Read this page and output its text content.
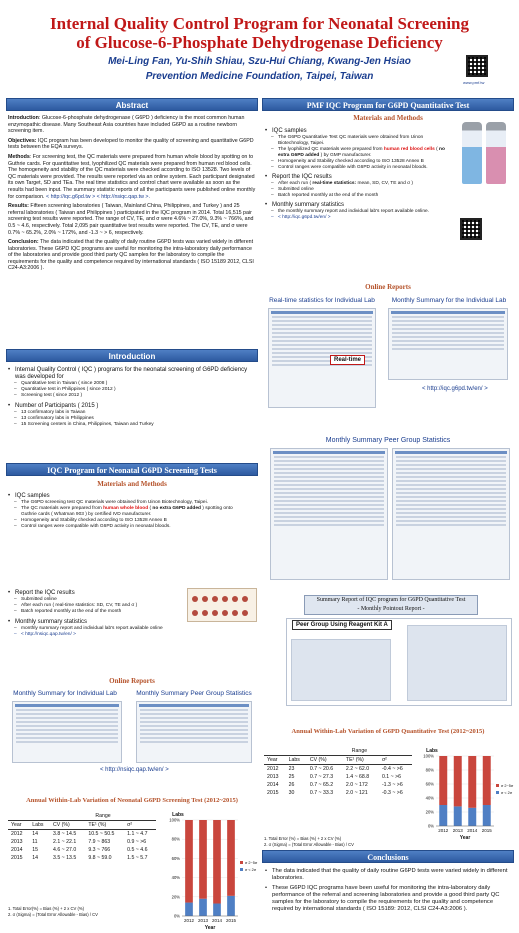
Internal Quality Control Program for Neonatal Screening
of Glucose-6-Phosphate Dehydrogenase Deficiency
Mei-Ling Fan, Yu-Shih Shiau, Szu-Hui Chiang, Kwang-Jen Hsiao
Prevention Medicine Foundation, Taipei, Taiwan
www.pmf.tw
Abstract
Introduction: Glucose-6-phosphate dehydrogenase ( G6PD ) deficiency is the most common human enzymopathic disease. Many Southeast Asia countries have included G6PD as a routine newborn screening item.
Objectives: IQC program has been developed to monitor the quality of screening and quantitative G6PD tests between the EQA surveys.
Methods: For screening test, the QC materials were prepared from human whole blood by spotting on to Guthrie cards. For quantitative test, lyophilized QC materials were prepared from human red blood cells. The homogeneity and stability of the QC materials were checked according to ISO 13528. Two levels of QC materials were provided. The results were reported via an online system. Each participant designated its own Target, SD and TEa. The real time statistics and control chart were available as soon as the results had been input. The summary statistic reports of all the participants were published online monthly for comparison. < http://iqc.g6pd.tw > < http://nsiqc.qap.tw >.
Results: Fifteen screening laboratories ( Taiwan, Mainland China, Philippines, and Turkey ) and 25 referral laboratories ( Taiwan and Philippines ) participated in the IQC program in 2014. Total 16,515 pair screening test results were reported. The range of CV, TE, and σ were 4.6% ~ 27.0%, 9.3% ~ 766%, and 0.5 ~ 4.6, respectively. Total 2,095 pair quantitative test results were reported. The CV, TE, and σ were 0.7% ~ 65.2%, 2.0% ~ 172%, and -1.3 ~ > 6, respectively.
Conclusion: The data indicated that the quality of daily routine G6PD tests was varied widely in different laboratories. These G6PD IQC programs are useful for monitoring the intra-laboratory daily performance of the laboratories and provide good third party QC samples for the laboratory to compile the requirements for the quality and competence required by international standards ( ISO 15189 2012, CLSI C24-A3:2006 ).
Introduction
• Internal Quality Control ( IQC ) programs for the neonatal screening of G6PD deficiency was developed for
– Quantitative test in Taiwan ( since 2008 )
– Quantitative test in Philippines ( since 2012 )
– Screening test ( since 2012 )
• Number of Participants ( 2015 )
– 13 confirmatory labs in Taiwan
– 13 confirmatory labs in Philippines
– 15 Screening centers in China, Philippines, Taiwan and Turkey
IQC Program for Neonatal G6PD Screening Tests
Materials and Methods
• IQC samples
– The G6PD screening test QC materials were obtained from Uinon Biotechnology, Taipei.
– The QC materials were prepared from human whole blood ( no extra G6PD added ) spotting onto Guthrie cards ( Whatman 903 ) by certified IVD manufacturer.
– Homogeneity and Stability checked according to ISO 13528 Annex B
– Control ranges were compatible with G6PD activity in neonatal bloods.
• Report the IQC results
– Submitted online
– After each run ( real-time statistics: SD, CV, TE and σ )
– Batch reported monthly at the end of the month
• Monthly summary statistics
– monthly summary report and individual lab's report available online
– < http://nsiqc.qap.tw/en/ >
Online Reports
Monthly Summary for Individual Lab	Monthly Summary Peer Group Statistics
< http://nsiqc.qap.tw/en/ >
Annual Within-Lab Variation of Neonatal G6PD Screening Test (2012~2015)
		Range		
Year	Labs	CV (%)	TE¹ (%)	σ²
2012	14	3.8 ~ 14.5	10.5 ~ 50.5	1.1 ~ 4.7
2013	11	2.1 ~ 22.1	7.9 ~ 863	0.9 ~ >6
2014	15	4.6 ~ 27.0	9.3 ~ 766	0.5 ~ 4.6
2015	14	3.5 ~ 13.5	9.8 ~ 59.0	1.5 ~ 5.7
1. Total Error(%) = Bias (%) + 2 x CV (%)
2. σ (Sigma) = (Total Error Allowable - Bias) / CV
Labs
0%
20%
40%
60%
80%
100%
2012 2013 2014 2015
Year
σ 2~5σ
σ < 2σ
PMF IQC Program for G6PD Quantitative Test
Materials and Methods
• IQC samples
– The G6PD Quantitative Test QC materials were obtained from Uinon Biotechnology, Taipei.
– The lyophilized QC materials were prepared from human red blood cells ( no extra G6PD added ) by GMP manufacturer.
– Homogeneity and Stability checked according to ISO 13528 Annex B
– Control ranges were compatible with G6PD activity in neonatal bloods.
• Report the IQC results
– After each run ( real-time statistics: mean, SD, CV, TE and σ )
– Submitted online
– Batch reported monthly at the end of the month
• Monthly summary statistics
– the monthly summary report and individual lab's report available online.
– < http://iqc.g6pd.tw/en/ >
Online Reports
Real-time statistics for Individual Lab	Monthly Summary for the Individual Lab
Real-time
< http://iqc.g6pd.tw/en/ >
Monthly Summary Peer Group Statistics
Summary Report of IQC program for G6PD Quantitative Test
- Monthly Pointout Report -
Peer Group Using Reagent Kit A
Annual Within-Lab Variation of G6PD Quantitative Test (2012~2015)
		Range		
Year	Labs	CV (%)	TE¹ (%)	σ²
2012	23	0.7 ~ 20.6	2.2 ~ 62.0	-0.4 ~ >6
2013	25	0.7 ~ 27.3	1.4 ~ 68.8	0.1 ~ >6
2014	26	0.7 ~ 65.2	2.0 ~ 172	-1.3 ~ >6
2015	30	0.7 ~ 33.3	2.0 ~ 121	-0.3 ~ >6
1. Total Error (%) = Bias (%) + 2 x CV (%)
2. σ (Sigma) = (Total Error Allowable - Bias) / CV
Labs
0%
20%
40%
60%
80%
100%
2012 2013 2014 2015
Year
σ 2~5σ
σ < 2σ
Conclusions
• The data indicated that the quality of daily routine G6PD tests were varied widely in different laboratories.
• These G6PD IQC programs have been useful for monitoring the intra-laboratory daily performance of the referral and screening laboratories and provide a good third party QC samples for the laboratory to compile the requirements for the quality and competence required by international standards ( ISO 15189: 2012, CLSI C24-A3:2006 ).
